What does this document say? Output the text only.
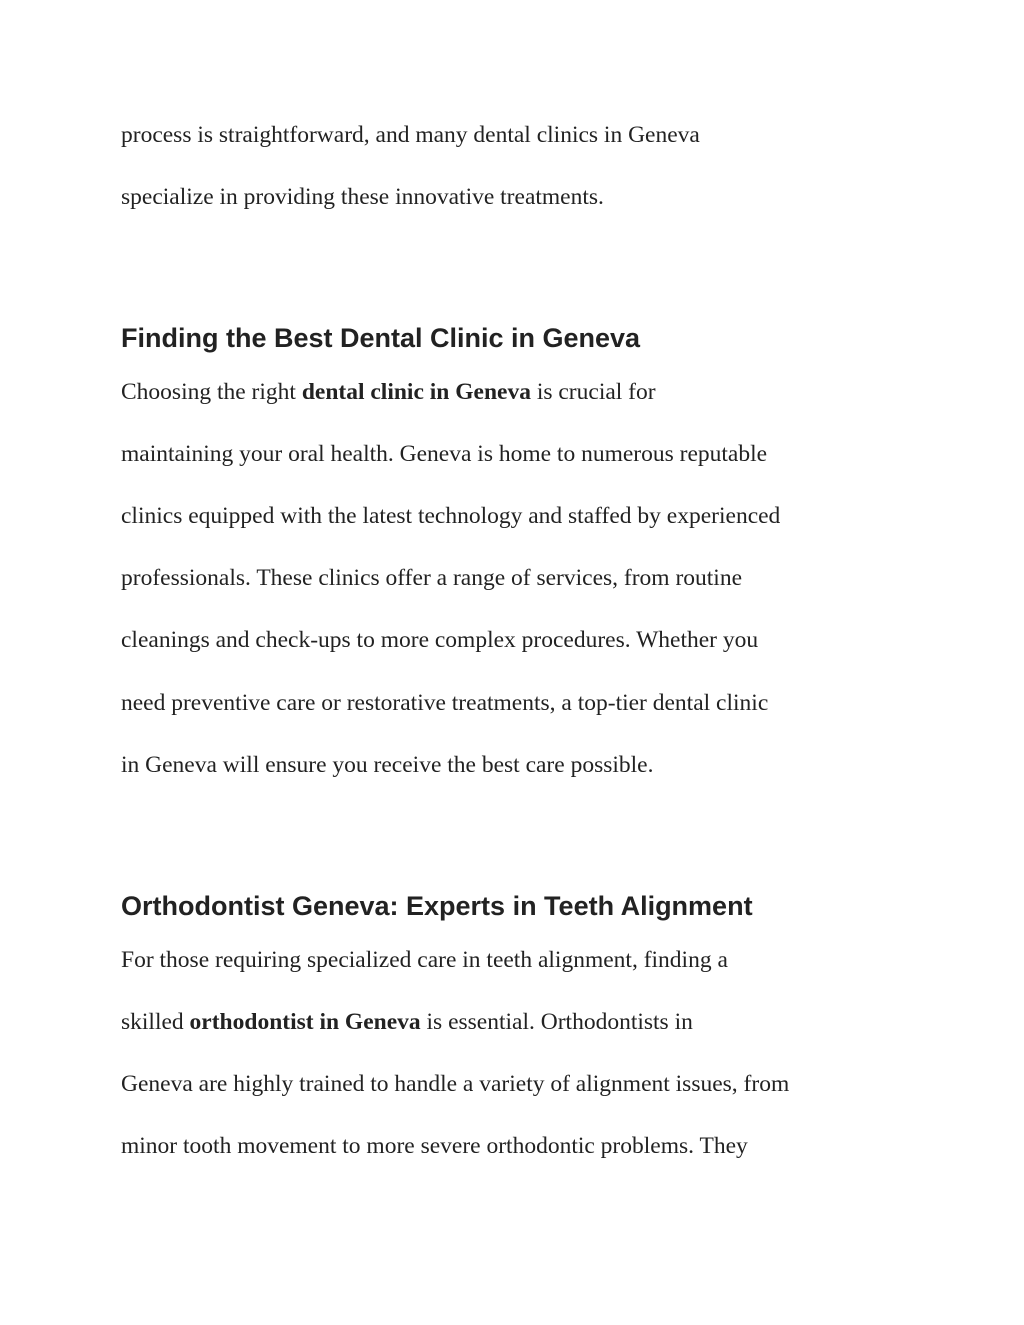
process is straightforward, and many dental clinics in Geneva
specialize in providing these innovative treatments.
Finding the Best Dental Clinic in Geneva
Choosing the right dental clinic in Geneva is crucial for
maintaining your oral health. Geneva is home to numerous reputable
clinics equipped with the latest technology and staffed by experienced
professionals. These clinics offer a range of services, from routine
cleanings and check-ups to more complex procedures. Whether you
need preventive care or restorative treatments, a top-tier dental clinic
in Geneva will ensure you receive the best care possible.
Orthodontist Geneva: Experts in Teeth Alignment
For those requiring specialized care in teeth alignment, finding a
skilled orthodontist in Geneva is essential. Orthodontists in
Geneva are highly trained to handle a variety of alignment issues, from
minor tooth movement to more severe orthodontic problems. They
